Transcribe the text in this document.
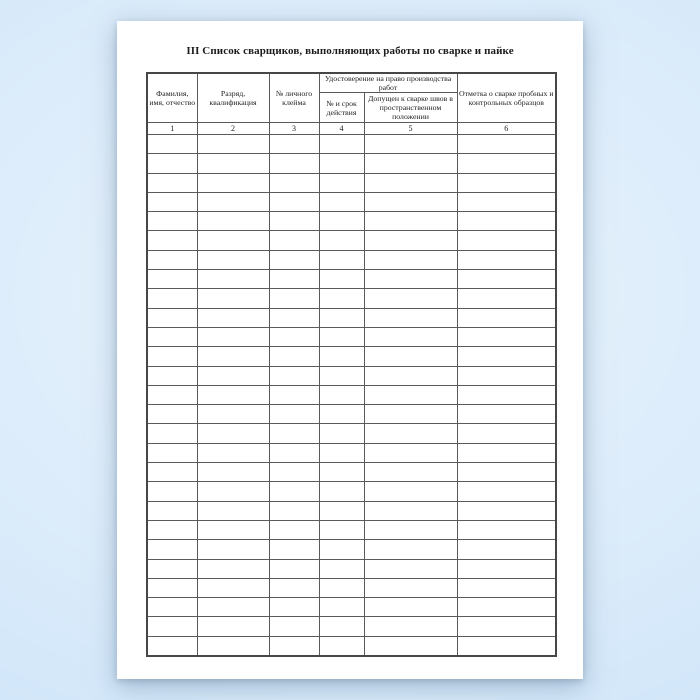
III Список сварщиков, выполняющих работы по сварке и пайке
Фамилия, имя, отчество	Разряд, квалификация	№ личного клейма	Удостоверение на право производства работ		Отметка о сварке пробных и контрольных образцов
			№ и срок действия	Допущен к сварке швов в пространственном положении	
1	2	3	4	5	6
